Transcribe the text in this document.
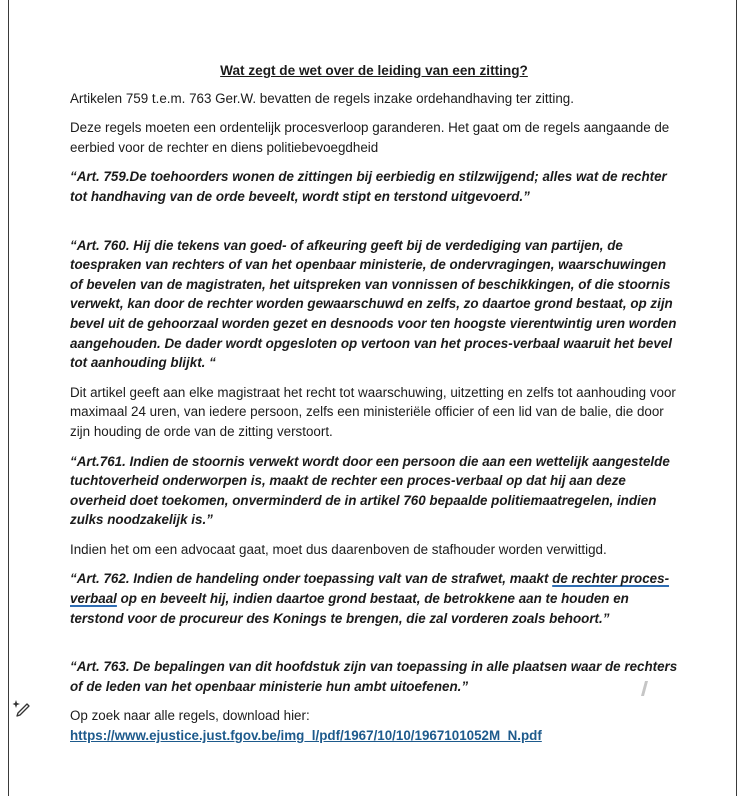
Wat zegt de wet over de leiding van een zitting?

Artikelen 759 t.e.m. 763 Ger.W. bevatten de regels inzake ordehandhaving ter zitting.

Deze regels moeten een ordentelijk procesverloop garanderen. Het gaat om de regels aangaande de eerbied voor de rechter en diens politiebevoegdheid

“Art. 759.De toehoorders wonen de zittingen bij eerbiedig en stilzwijgend; alles wat de rechter tot handhaving van de orde beveelt, wordt stipt en terstond uitgevoerd.”

“Art. 760. Hij die tekens van goed- of afkeuring geeft bij de verdediging van partijen, de toespraken van rechters of van het openbaar ministerie, de ondervragingen, waarschuwingen of bevelen van de magistraten, het uitspreken van vonnissen of beschikkingen, of die stoornis verwekt, kan door de rechter worden gewaarschuwd en zelfs, zo daartoe grond bestaat, op zijn bevel uit de gehoorzaal worden gezet en desnoods voor ten hoogste vierentwintig uren worden aangehouden. De dader wordt opgesloten op vertoon van het proces-verbaal waaruit het bevel tot aanhouding blijkt. “

Dit artikel geeft aan elke magistraat het recht tot waarschuwing, uitzetting en zelfs tot aanhouding voor maximaal 24 uren, van iedere persoon, zelfs een ministeriële officier of een lid van de balie, die door zijn houding de orde van de zitting verstoort.

“Art.761. Indien de stoornis verwekt wordt door een persoon die aan een wettelijk aangestelde tuchtoverheid onderworpen is, maakt de rechter een proces-verbaal op dat hij aan deze overheid doet toekomen, onverminderd de in artikel 760 bepaalde politiemaatregelen, indien zulks noodzakelijk is.”

Indien het om een advocaat gaat, moet dus daarenboven de stafhouder worden verwittigd.

“Art. 762. Indien de handeling onder toepassing valt van de strafwet, maakt de rechter proces-verbaal op en beveelt hij, indien daartoe grond bestaat, de betrokkene aan te houden en terstond voor de procureur des Konings te brengen, die zal vorderen zoals behoort.”

“Art. 763. De bepalingen van dit hoofdstuk zijn van toepassing in alle plaatsen waar de rechters of de leden van het openbaar ministerie hun ambt uitoefenen.”

Op zoek naar alle regels, download hier:

https://www.ejustice.just.fgov.be/img_l/pdf/1967/10/10/1967101052M_N.pdf
